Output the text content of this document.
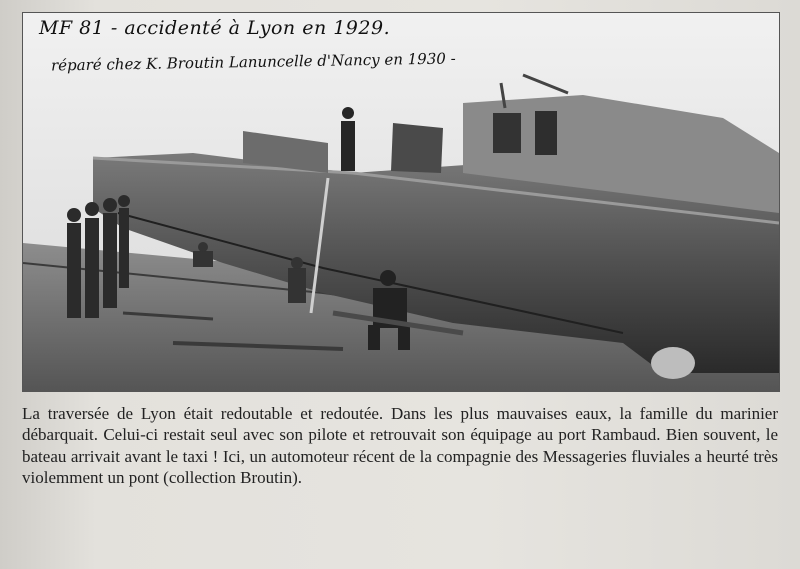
MF 81 - accidenté à Lyon en 1929.
réparé chez K. Broutin Lanuncelle d'Nancy en 1930 -

La traversée de Lyon était redoutable et redoutée. Dans les plus mauvaises eaux, la famille du marinier débarquait. Celui-ci restait seul avec son pilote et retrouvait son équipage au port Rambaud. Bien souvent, le bateau arrivait avant le taxi ! Ici, un automoteur récent de la compagnie des Messageries fluviales a heurté très violemment un pont (collection Broutin).
